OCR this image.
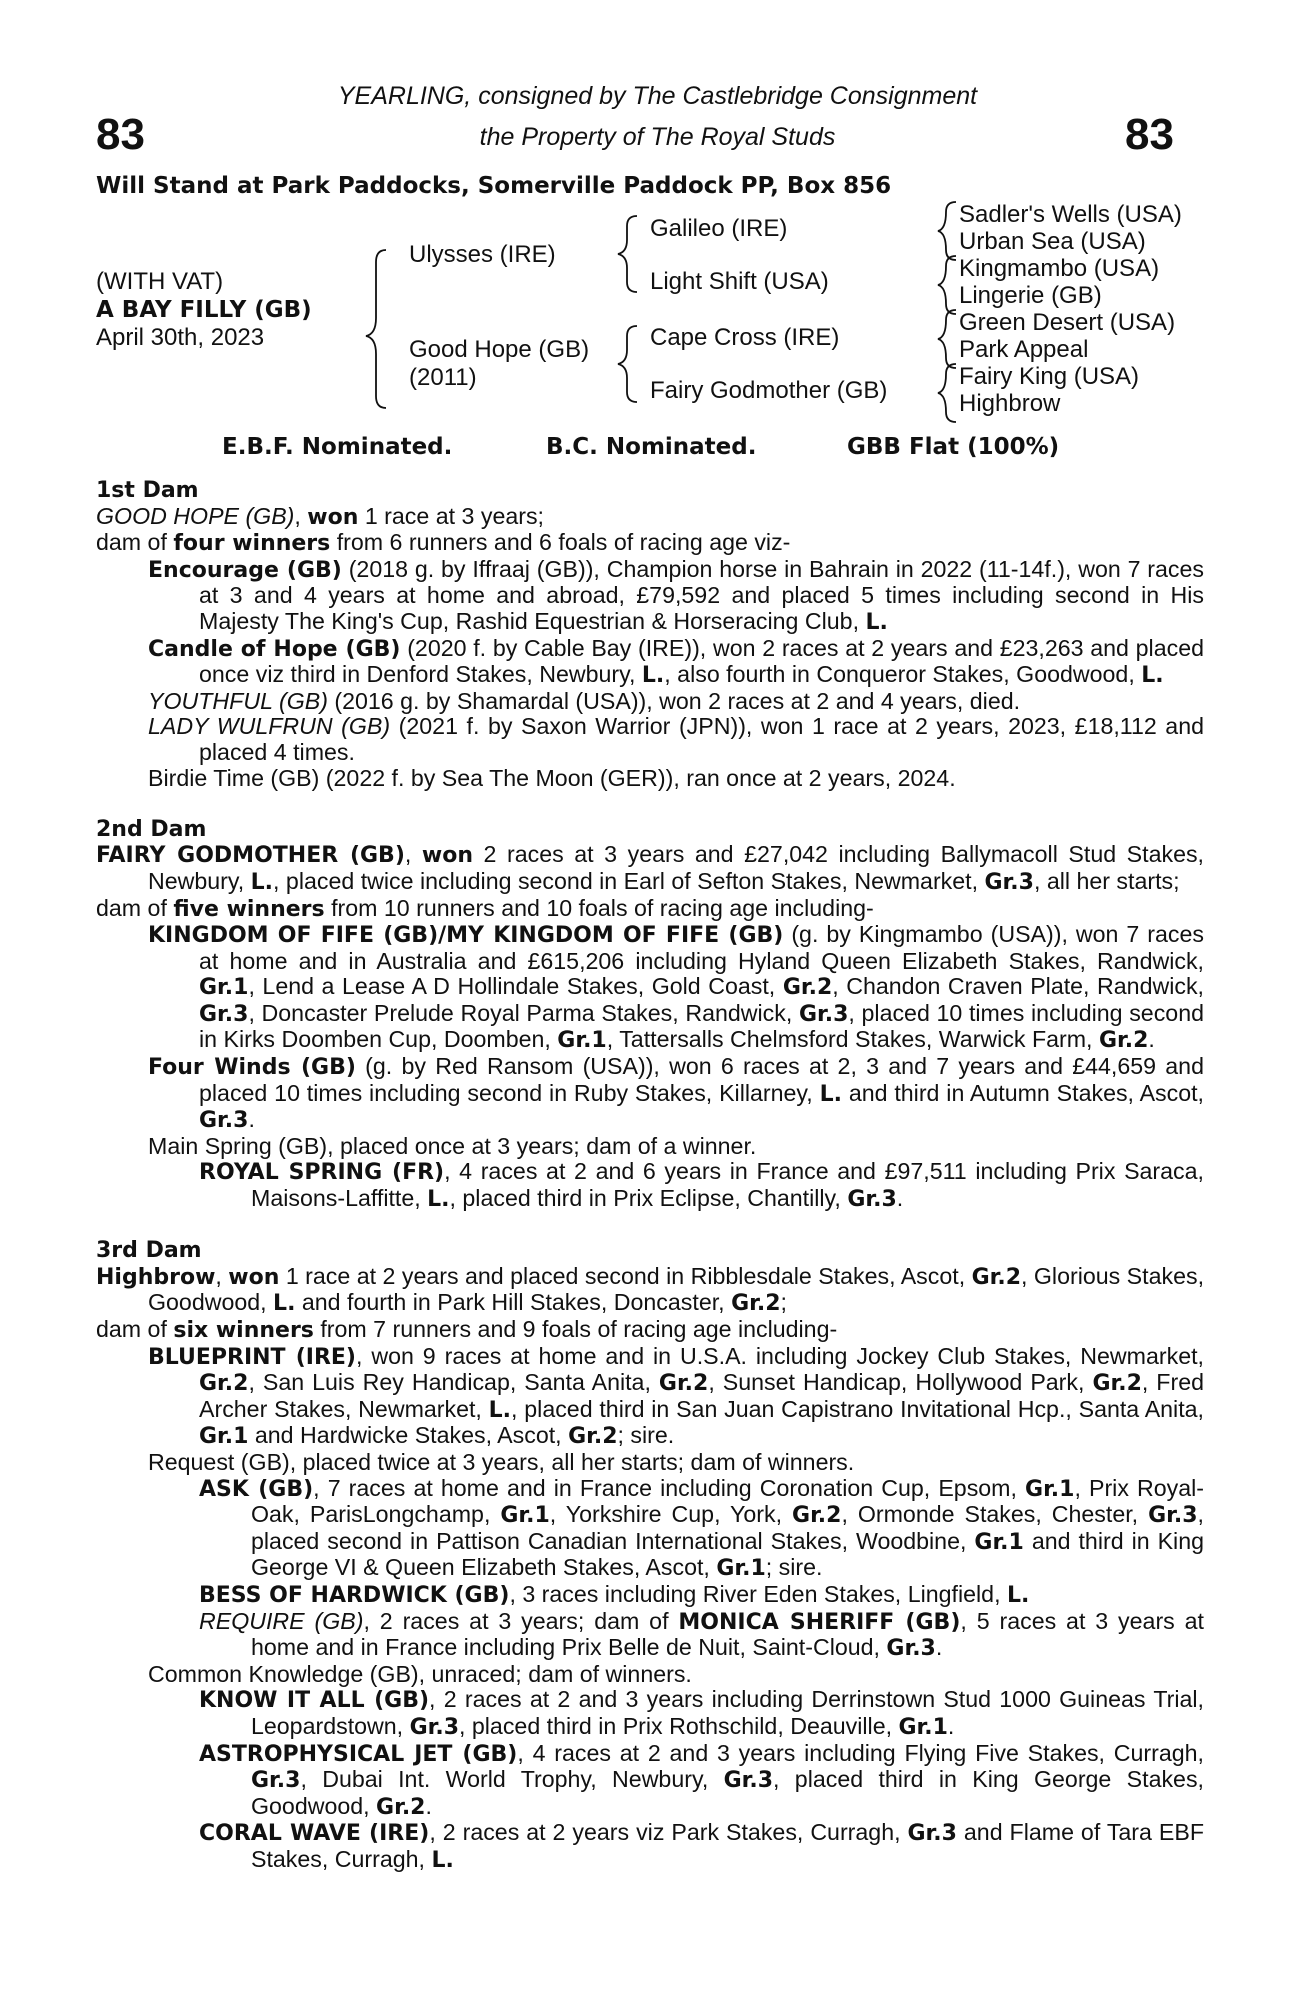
83	83
YEARLING, consigned by The Castlebridge Consignment
the Property of The Royal Studs
Will Stand at Park Paddocks, Somerville Paddock PP, Box 856
(WITH VAT)
A BAY FILLY (GB)
April 30th, 2023
Ulysses (IRE)
Good Hope (GB)
(2011)
Galileo (IRE)
Light Shift (USA)
Cape Cross (IRE)
Fairy Godmother (GB)
Sadler's Wells (USA)
Urban Sea (USA)
Kingmambo (USA)
Lingerie (GB)
Green Desert (USA)
Park Appeal
Fairy King (USA)
Highbrow
E.B.F. Nominated.	B.C. Nominated.	GBB Flat (100%)
1st Dam

GOOD HOPE (GB), won 1 race at 3 years;

dam of four winners from 6 runners and 6 foals of racing age viz-

Encourage (GB) (2018 g. by Iffraaj (GB)), Champion horse in Bahrain in 2022 (11-14f.), won 7 races at 3 and 4 years at home and abroad, £79,592 and placed 5 times including second in His Majesty The King's Cup, Rashid Equestrian & Horseracing Club, L.

Candle of Hope (GB) (2020 f. by Cable Bay (IRE)), won 2 races at 2 years and £23,263 and placed once viz third in Denford Stakes, Newbury, L., also fourth in Conqueror Stakes, Goodwood, L.

YOUTHFUL (GB) (2016 g. by Shamardal (USA)), won 2 races at 2 and 4 years, died.

LADY WULFRUN (GB) (2021 f. by Saxon Warrior (JPN)), won 1 race at 2 years, 2023, £18,112 and placed 4 times.

Birdie Time (GB) (2022 f. by Sea The Moon (GER)), ran once at 2 years, 2024.

2nd Dam

FAIRY GODMOTHER (GB), won 2 races at 3 years and £27,042 including Ballymacoll Stud Stakes, Newbury, L., placed twice including second in Earl of Sefton Stakes, Newmarket, Gr.3, all her starts;

dam of five winners from 10 runners and 10 foals of racing age including-

KINGDOM OF FIFE (GB)/MY KINGDOM OF FIFE (GB) (g. by Kingmambo (USA)), won 7 races at home and in Australia and £615,206 including Hyland Queen Elizabeth Stakes, Randwick, Gr.1, Lend a Lease A D Hollindale Stakes, Gold Coast, Gr.2, Chandon Craven Plate, Randwick, Gr.3, Doncaster Prelude Royal Parma Stakes, Randwick, Gr.3, placed 10 times including second in Kirks Doomben Cup, Doomben, Gr.1, Tattersalls Chelmsford Stakes, Warwick Farm, Gr.2.

Four Winds (GB) (g. by Red Ransom (USA)), won 6 races at 2, 3 and 7 years and £44,659 and placed 10 times including second in Ruby Stakes, Killarney, L. and third in Autumn Stakes, Ascot, Gr.3.

Main Spring (GB), placed once at 3 years; dam of a winner.

ROYAL SPRING (FR), 4 races at 2 and 6 years in France and £97,511 including Prix Saraca, Maisons-Laffitte, L., placed third in Prix Eclipse, Chantilly, Gr.3.

3rd Dam

Highbrow, won 1 race at 2 years and placed second in Ribblesdale Stakes, Ascot, Gr.2, Glorious Stakes, Goodwood, L. and fourth in Park Hill Stakes, Doncaster, Gr.2;

dam of six winners from 7 runners and 9 foals of racing age including-

BLUEPRINT (IRE), won 9 races at home and in U.S.A. including Jockey Club Stakes, Newmarket, Gr.2, San Luis Rey Handicap, Santa Anita, Gr.2, Sunset Handicap, Hollywood Park, Gr.2, Fred Archer Stakes, Newmarket, L., placed third in San Juan Capistrano Invitational Hcp., Santa Anita, Gr.1 and Hardwicke Stakes, Ascot, Gr.2; sire.

Request (GB), placed twice at 3 years, all her starts; dam of winners.

ASK (GB), 7 races at home and in France including Coronation Cup, Epsom, Gr.1, Prix Royal-Oak, ParisLongchamp, Gr.1, Yorkshire Cup, York, Gr.2, Ormonde Stakes, Chester, Gr.3, placed second in Pattison Canadian International Stakes, Woodbine, Gr.1 and third in King George VI & Queen Elizabeth Stakes, Ascot, Gr.1; sire.

BESS OF HARDWICK (GB), 3 races including River Eden Stakes, Lingfield, L.

REQUIRE (GB), 2 races at 3 years; dam of MONICA SHERIFF (GB), 5 races at 3 years at home and in France including Prix Belle de Nuit, Saint-Cloud, Gr.3.

Common Knowledge (GB), unraced; dam of winners.

KNOW IT ALL (GB), 2 races at 2 and 3 years including Derrinstown Stud 1000 Guineas Trial, Leopardstown, Gr.3, placed third in Prix Rothschild, Deauville, Gr.1.

ASTROPHYSICAL JET (GB), 4 races at 2 and 3 years including Flying Five Stakes, Curragh, Gr.3, Dubai Int. World Trophy, Newbury, Gr.3, placed third in King George Stakes, Goodwood, Gr.2.

CORAL WAVE (IRE), 2 races at 2 years viz Park Stakes, Curragh, Gr.3 and Flame of Tara EBF Stakes, Curragh, L.
